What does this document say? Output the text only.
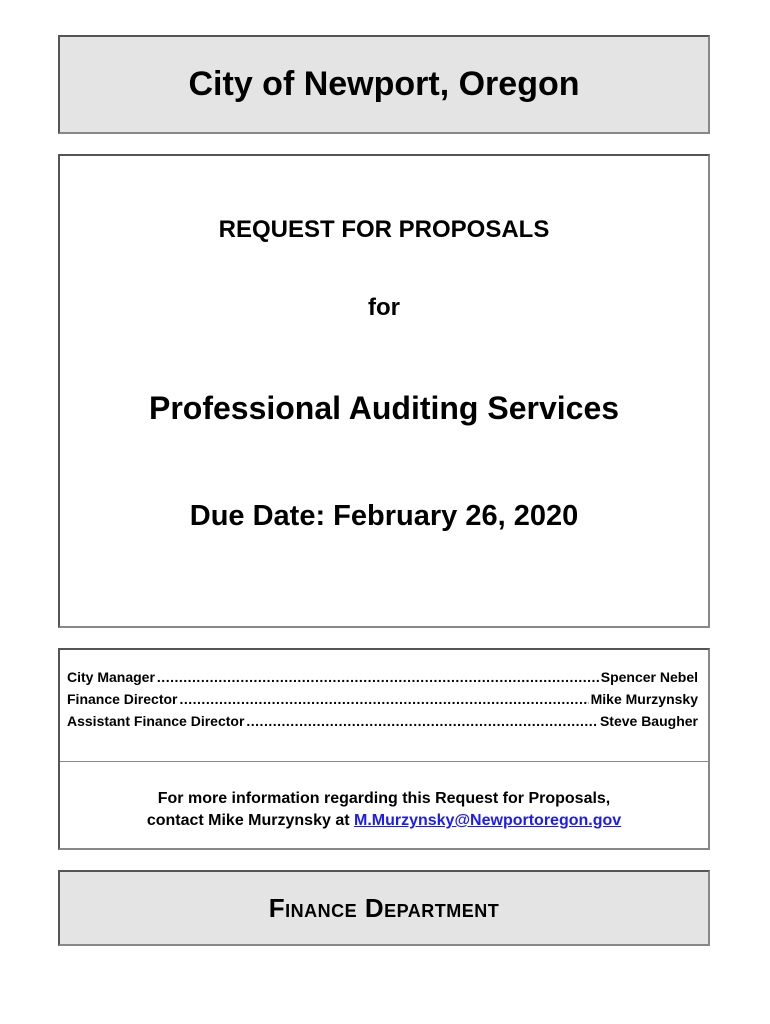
City of Newport, Oregon
REQUEST FOR PROPOSALS
for
Professional Auditing Services
Due Date: February 26, 2020
City Manager .....	Spencer Nebel
Finance Director .....	Mike Murzynsky
Assistant Finance Director .....	Steve Baugher
For more information regarding this Request for Proposals,
contact Mike Murzynsky at M.Murzynsky@Newportoregon.gov
Finance Department
